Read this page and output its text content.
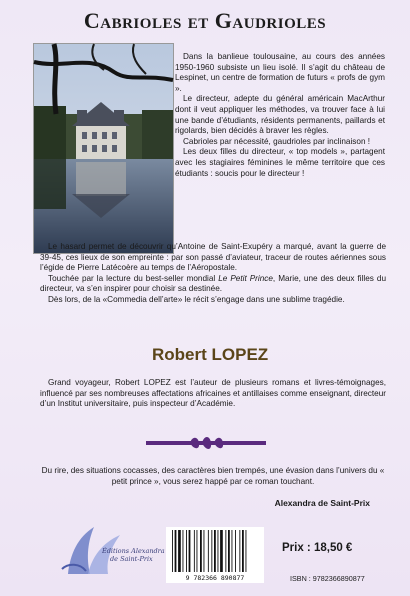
Cabrioles et Gaudrioles

Dans la banlieue toulousaine, au cours des années 1950-1960 subsiste un lieu isolé. Il s’agit du château de Lespinet, un centre de formation de futurs « profs de gym ».

Le directeur, adepte du général américain MacArthur dont il veut appliquer les méthodes, va trouver face à lui une bande d’étudiants, résidents permanents, paillards et rigolards, bien décidés à braver les règles.

Cabrioles par nécessité, gaudrioles par inclinaison !

Les deux filles du directeur, « top models », partagent avec les stagiaires féminines le même territoire que ces étudiants : soucis pour le directeur !

Le hasard permet de découvrir qu’Antoine de Saint-Exupéry a marqué, avant la guerre de 39-45, ces lieux de son empreinte : par son passé d’aviateur, traceur de routes aériennes sous l’égide de Pierre Latécoère au temps de l’Aéropostale.

Touchée par la lecture du best-seller mondial Le Petit Prince, Marie, une des deux filles du directeur, va s’en inspirer pour choisir sa destinée.

Dès lors, de la «Commedia dell’arte» le récit s’engage dans une sublime tragédie.

Robert LOPEZ

Grand voyageur, Robert LOPEZ est l’auteur de plusieurs romans et livres-témoignages, influencé par ses nombreuses affectations africaines et antillaises comme enseignant, directeur d’un Institut universitaire, puis inspecteur d’Académie.

Du rire, des situations cocasses, des caractères bien trempés, une évasion dans l’univers du « petit prince », vous serez happé par ce roman touchant.

Alexandra de Saint-Prix
Éditions Alexandra
de Saint-Prix
9 782366 890877
Prix : 18,50 €
ISBN : 9782366890877
